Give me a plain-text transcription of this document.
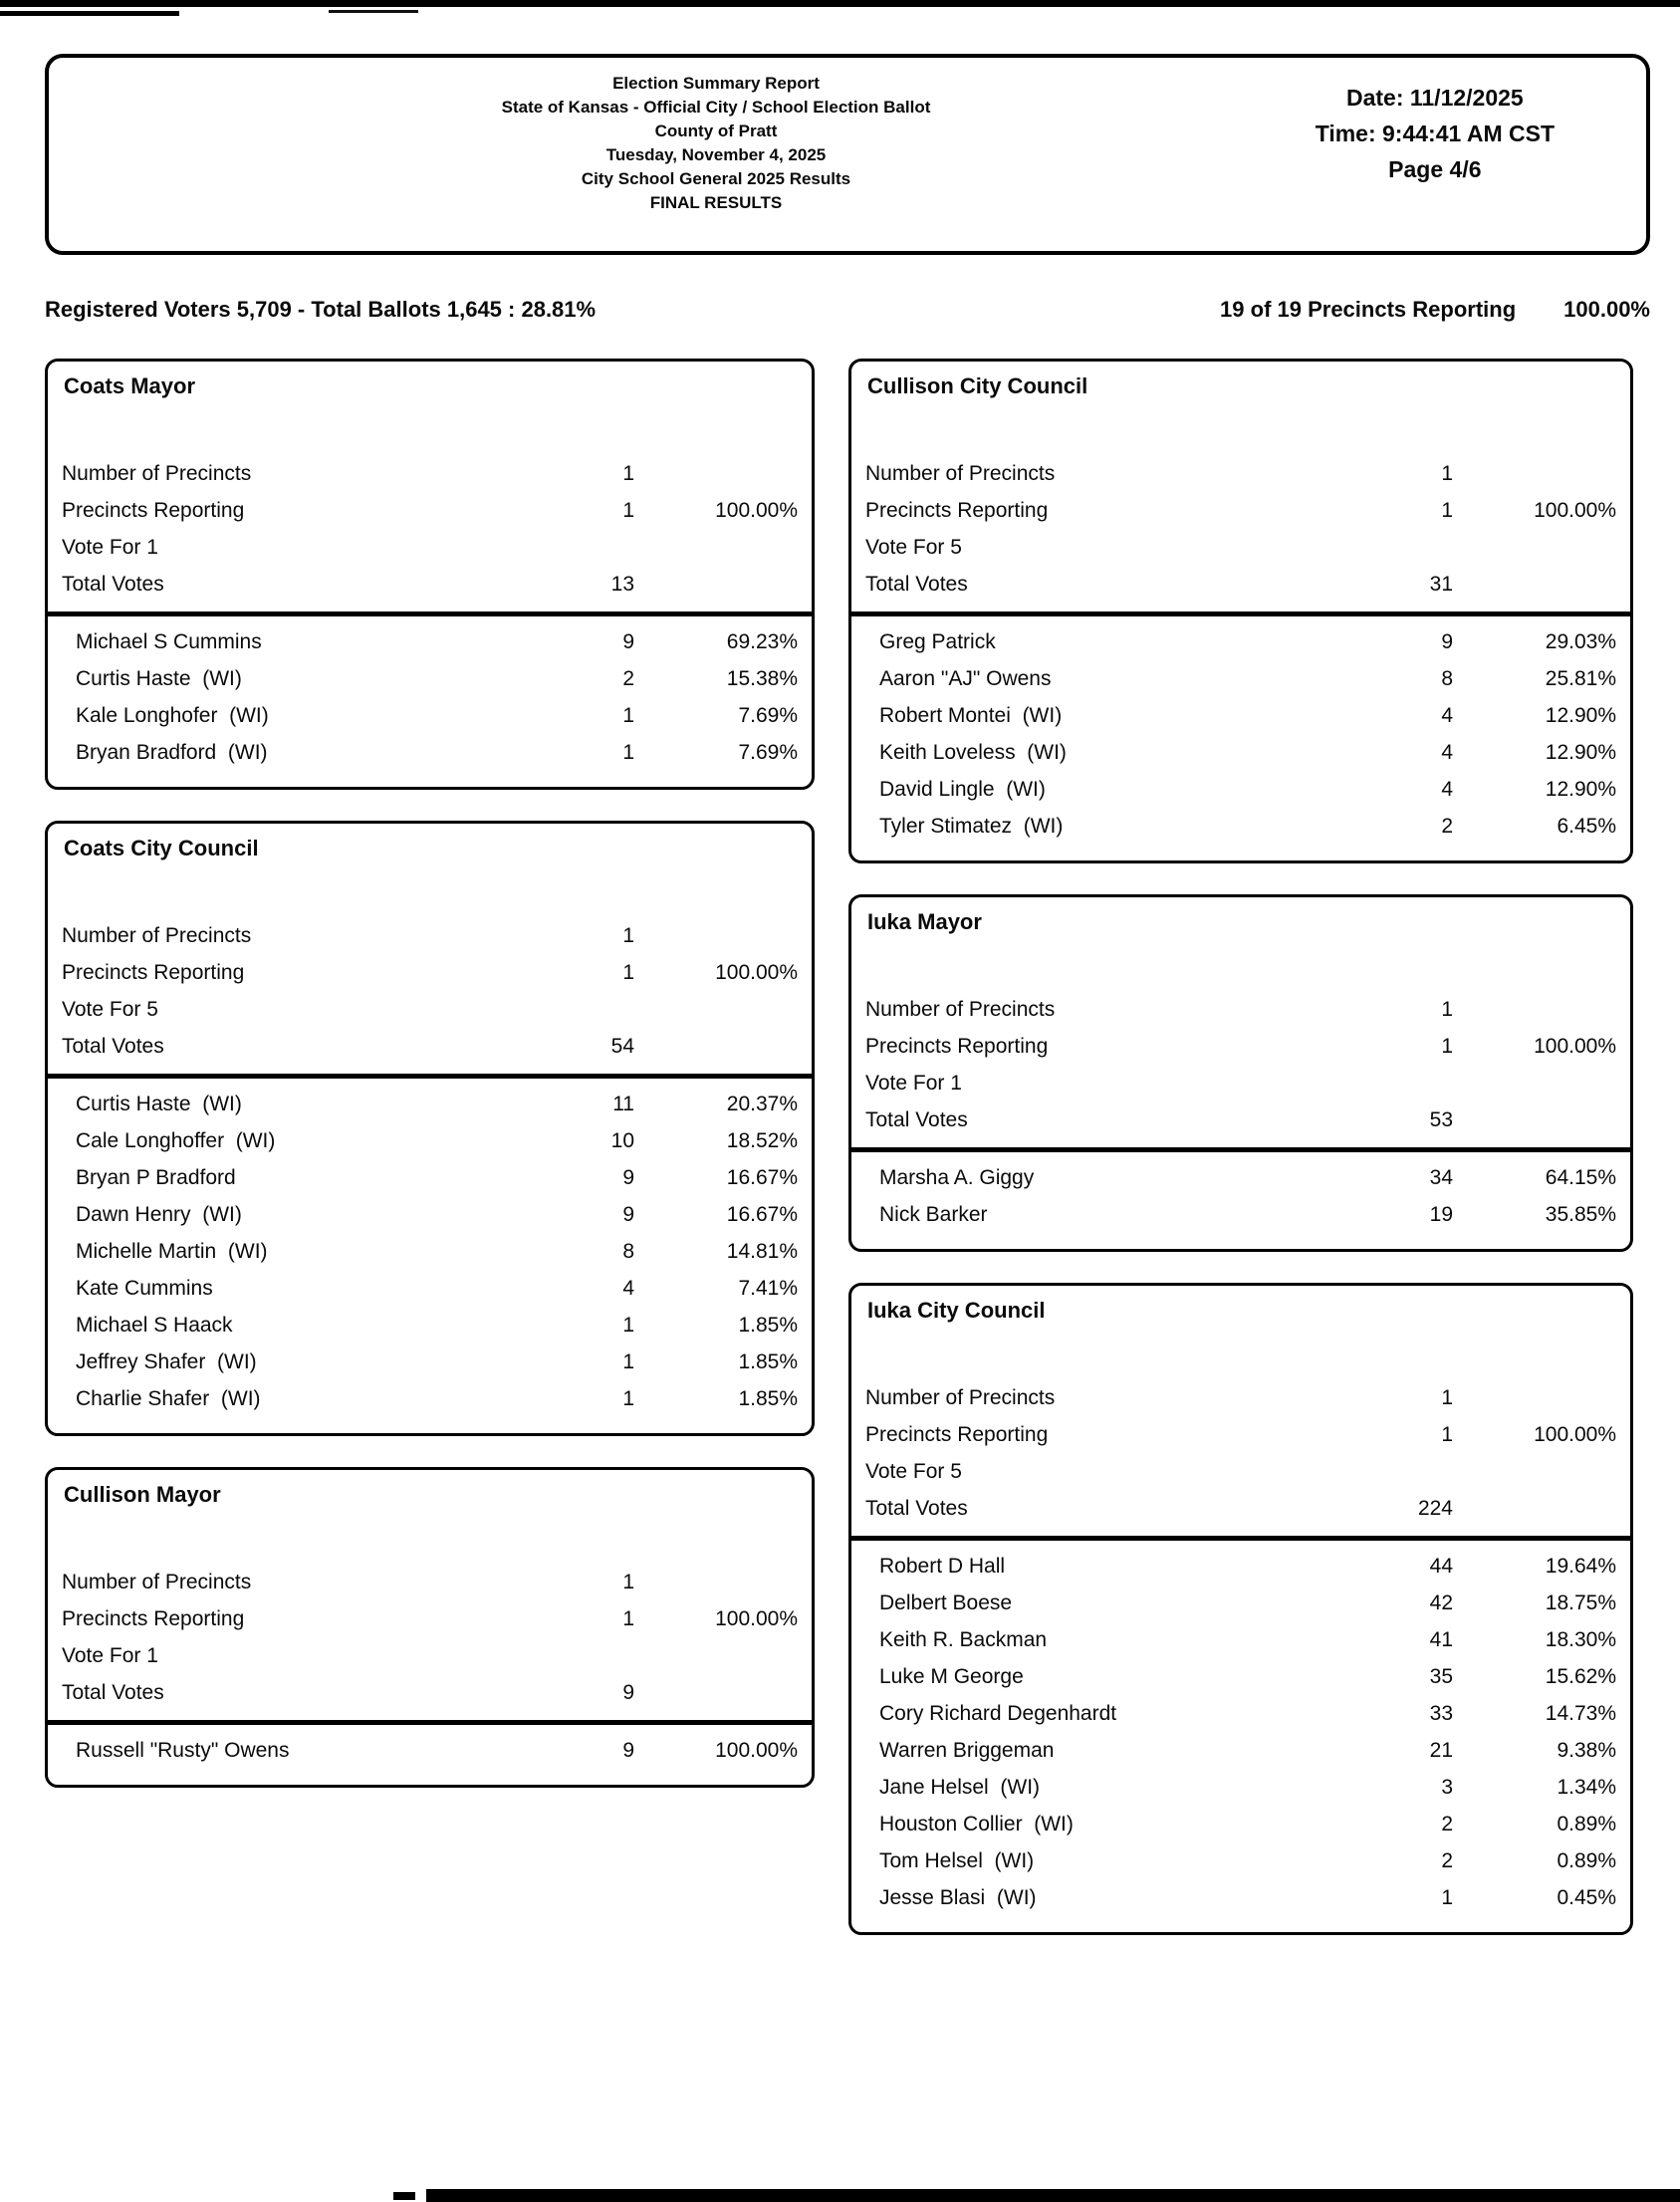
Election Summary Report
State of Kansas - Official City / School Election Ballot
County of Pratt
Tuesday, November 4, 2025
City School General 2025 Results
FINAL RESULTS
Date: 11/12/2025
Time: 9:44:41 AM CST
Page 4/6
Registered Voters 5,709 - Total Ballots 1,645 : 28.81%	19 of 19 Precincts Reporting 100.00%
Coats Mayor
Number of Precincts	1
Precincts Reporting	1	100.00%
Vote For 1
Total Votes	13
Michael S Cummins	9	69.23%
Curtis Haste  (WI)	2	15.38%
Kale Longhofer  (WI)	1	7.69%
Bryan Bradford  (WI)	1	7.69%
Coats City Council
Number of Precincts	1
Precincts Reporting	1	100.00%
Vote For 5
Total Votes	54
Curtis Haste  (WI)	11	20.37%
Cale Longhoffer  (WI)	10	18.52%
Bryan P Bradford	9	16.67%
Dawn Henry  (WI)	9	16.67%
Michelle Martin  (WI)	8	14.81%
Kate Cummins	4	7.41%
Michael S Haack	1	1.85%
Jeffrey Shafer  (WI)	1	1.85%
Charlie Shafer  (WI)	1	1.85%
Cullison Mayor
Number of Precincts	1
Precincts Reporting	1	100.00%
Vote For 1
Total Votes	9
Russell "Rusty" Owens	9	100.00%
Cullison City Council
Number of Precincts	1
Precincts Reporting	1	100.00%
Vote For 5
Total Votes	31
Greg Patrick	9	29.03%
Aaron "AJ" Owens	8	25.81%
Robert Montei  (WI)	4	12.90%
Keith Loveless  (WI)	4	12.90%
David Lingle  (WI)	4	12.90%
Tyler Stimatez  (WI)	2	6.45%
Iuka Mayor
Number of Precincts	1
Precincts Reporting	1	100.00%
Vote For 1
Total Votes	53
Marsha A. Giggy	34	64.15%
Nick Barker	19	35.85%
Iuka City Council
Number of Precincts	1
Precincts Reporting	1	100.00%
Vote For 5
Total Votes	224
Robert D Hall	44	19.64%
Delbert Boese	42	18.75%
Keith R. Backman	41	18.30%
Luke M George	35	15.62%
Cory Richard Degenhardt	33	14.73%
Warren Briggeman	21	9.38%
Jane Helsel  (WI)	3	1.34%
Houston Collier  (WI)	2	0.89%
Tom Helsel  (WI)	2	0.89%
Jesse Blasi  (WI)	1	0.45%
